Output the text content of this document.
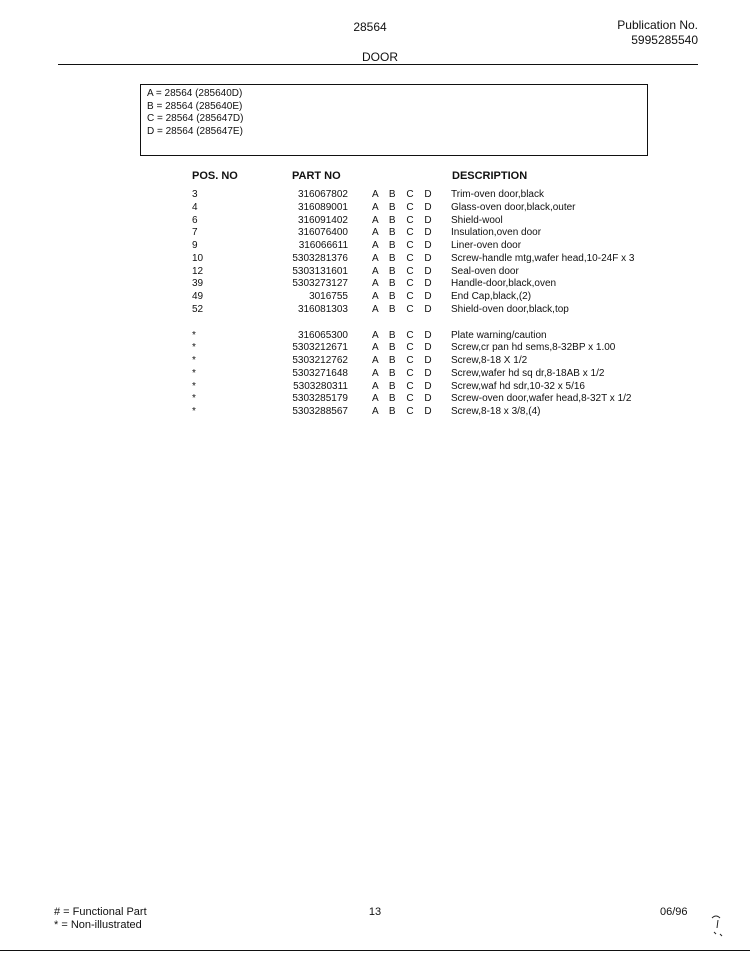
28564	Publication No.
5995285540
DOOR
A = 28564 (285640D)
B = 28564 (285640E)
C = 28564 (285647D)
D = 28564 (285647E)
POS. NO	PART NO	DESCRIPTION
3	316067802 A B C D Trim-oven door,black
4	316089001 A B C D Glass-oven door,black,outer
6	316091402 A B C D Shield-wool
7	316076400 A B C D Insulation,oven door
9	316066611 A B C D Liner-oven door
10	5303281376 A B C D Screw-handle mtg,wafer head,10-24F x 3
12	5303131601 A B C D Seal-oven door
39	5303273127 A B C D Handle-door,black,oven
49	3016755 A B C D End Cap,black,(2)
52	316081303 A B C D Shield-oven door,black,top
*	316065300 A B C D Plate warning/caution
*	5303212671 A B C D Screw,cr pan hd sems,8-32BP x 1.00
*	5303212762 A B C D Screw,8-18 X 1/2
*	5303271648 A B C D Screw,wafer hd sq dr,8-18AB x 1/2
*	5303280311 A B C D Screw,waf hd sdr,10-32 x 5/16
*	5303285179 A B C D Screw-oven door,wafer head,8-32T x 1/2
*	5303288567 A B C D Screw,8-18 x 3/8,(4)
# = Functional Part
* = Non-illustrated
13	06/96
